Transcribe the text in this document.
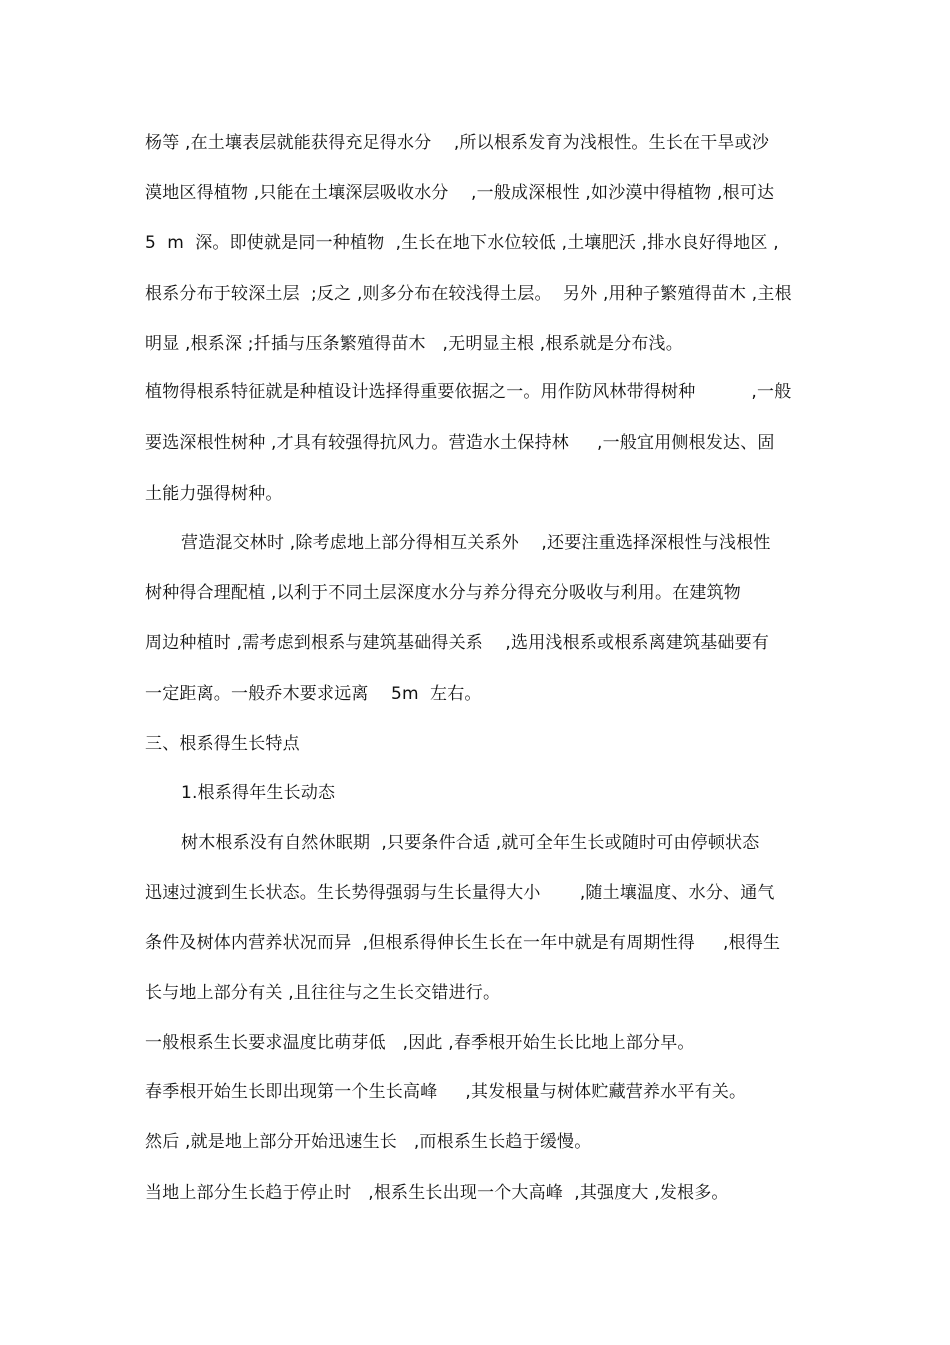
杨等 ,在土壤表层就能获得充足得水分    ,所以根系发育为浅根性。生长在干旱或沙
漠地区得植物 ,只能在土壤深层吸收水分    ,一般成深根性 ,如沙漠中得植物 ,根可达
5  m  深。即使就是同一种植物  ,生长在地下水位较低 ,土壤肥沃 ,排水良好得地区 ,
根系分布于较深土层  ;反之 ,则多分布在较浅得土层。  另外 ,用种子繁殖得苗木 ,主根
明显 ,根系深 ;扦插与压条繁殖得苗木   ,无明显主根 ,根系就是分布浅。
植物得根系特征就是种植设计选择得重要依据之一。用作防风林带得树种          ,一般
要选深根性树种 ,才具有较强得抗风力。营造水土保持林     ,一般宜用侧根发达、固
土能力强得树种。
营造混交林时 ,除考虑地上部分得相互关系外    ,还要注重选择深根性与浅根性
树种得合理配植 ,以利于不同土层深度水分与养分得充分吸收与利用。在建筑物
周边种植时 ,需考虑到根系与建筑基础得关系    ,选用浅根系或根系离建筑基础要有
一定距离。一般乔木要求远离    5m  左右。
三、根系得生长特点
1.根系得年生长动态
树木根系没有自然休眠期  ,只要条件合适 ,就可全年生长或随时可由停顿状态
迅速过渡到生长状态。生长势得强弱与生长量得大小       ,随土壤温度、水分、通气
条件及树体内营养状况而异  ,但根系得伸长生长在一年中就是有周期性得     ,根得生
长与地上部分有关 ,且往往与之生长交错进行。
一般根系生长要求温度比萌芽低   ,因此 ,春季根开始生长比地上部分早。
春季根开始生长即出现第一个生长高峰     ,其发根量与树体贮藏营养水平有关。
然后 ,就是地上部分开始迅速生长   ,而根系生长趋于缓慢。
当地上部分生长趋于停止时   ,根系生长出现一个大高峰  ,其强度大 ,发根多。
